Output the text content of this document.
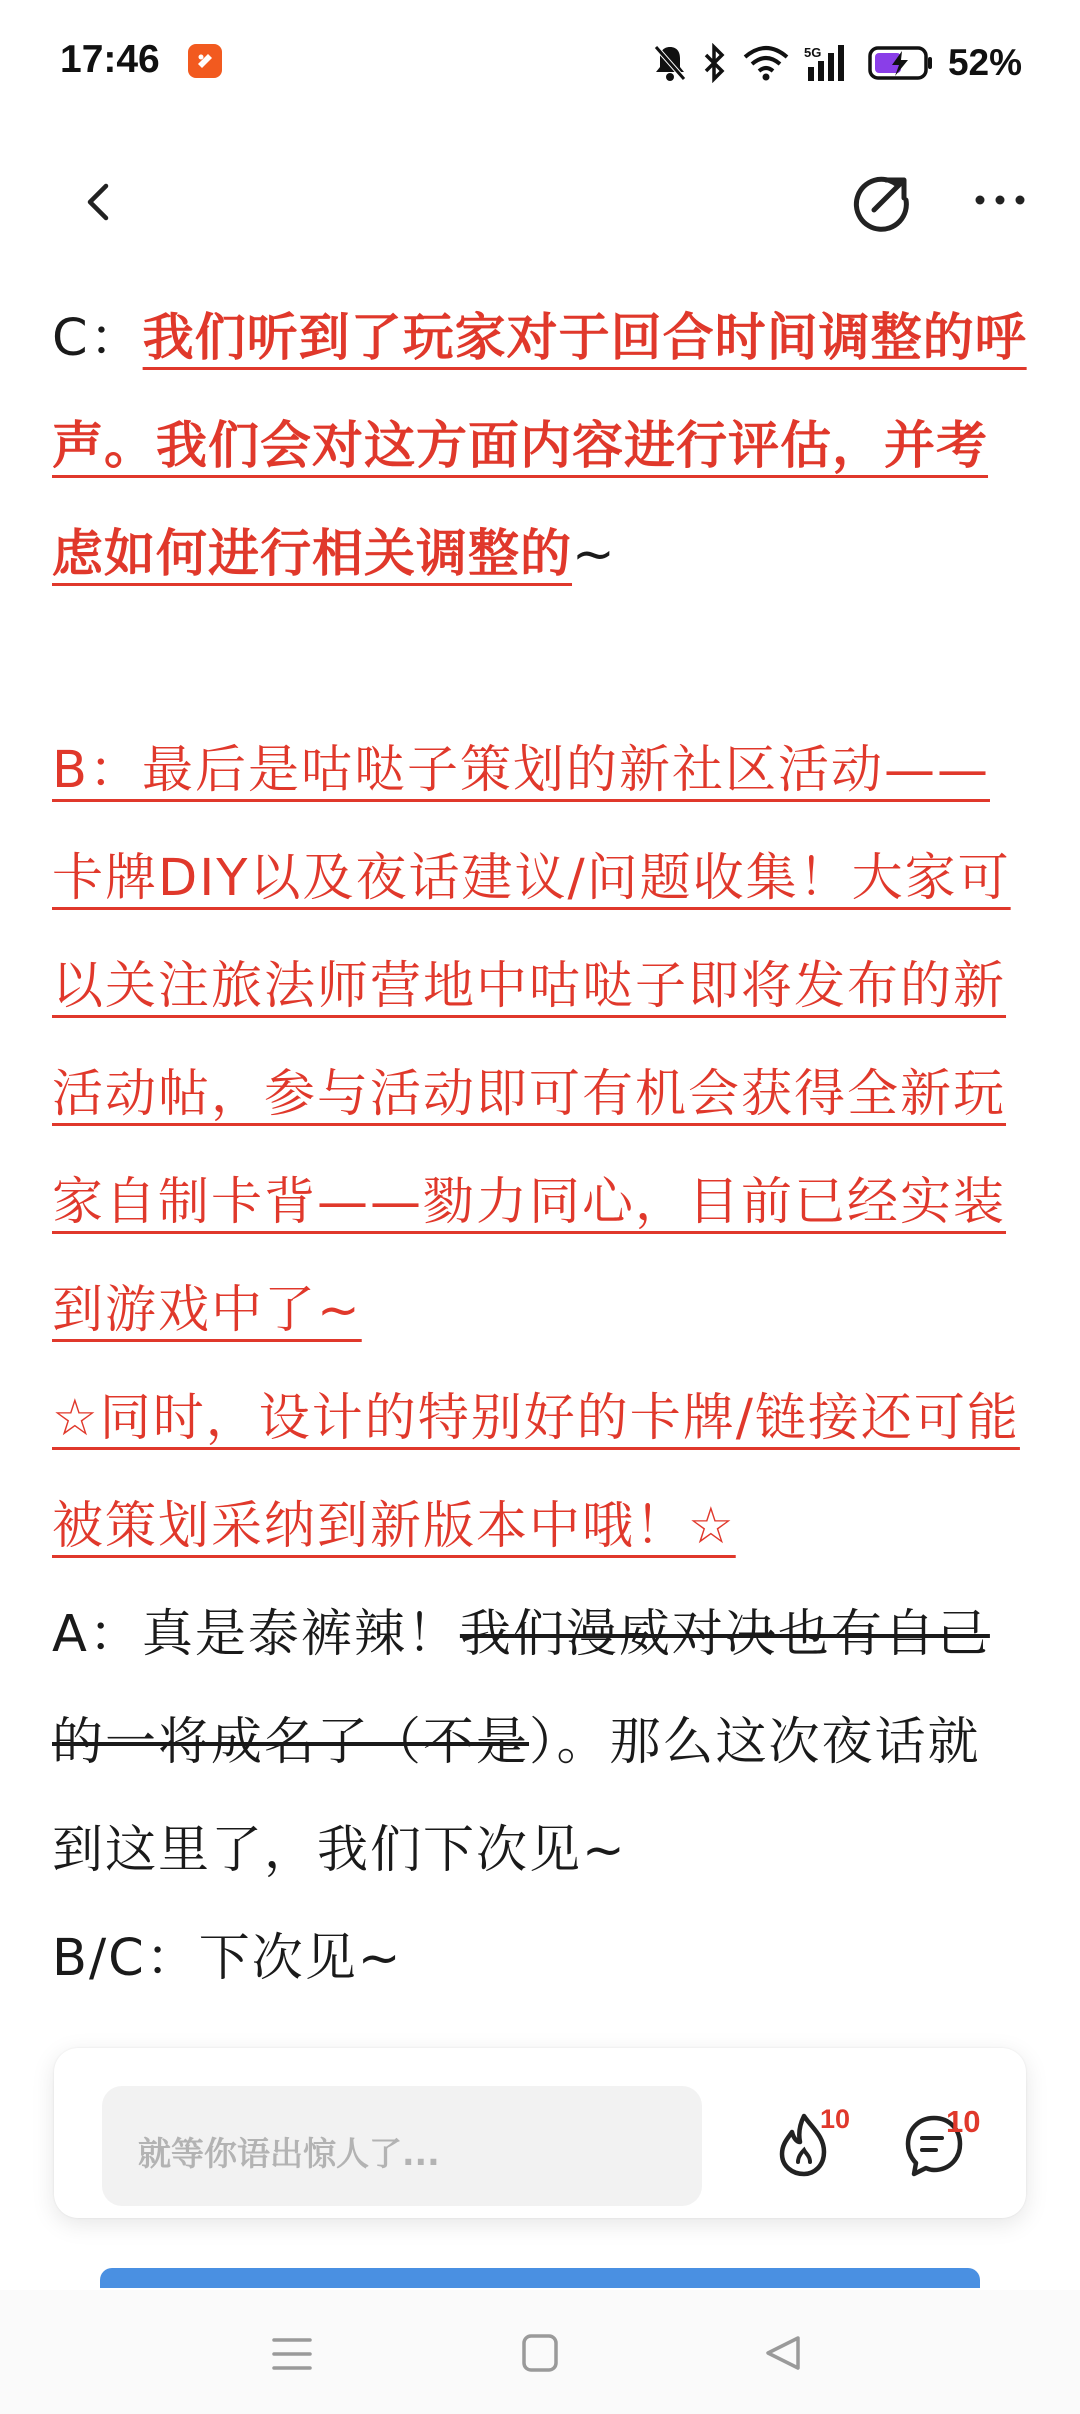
17:46	5G	52%

C：我们听到了玩家对于回合时间调整的呼声。我们会对这方面内容进行评估，并考虑如何进行相关调整的~

B：最后是咕哒子策划的新社区活动——卡牌DIY以及夜话建议/问题收集！大家可以关注旅法师营地中咕哒子即将发布的新活动帖，参与活动即可有机会获得全新玩家自制卡背——勠力同心，目前已经实装到游戏中了~

☆同时，设计的特别好的卡牌/链接还可能被策划采纳到新版本中哦！☆

A：真是泰裤辣！我们漫威对决也有自己的一将成名了（不是）。那么这次夜话就到这里了，我们下次见~

B/C：下次见~

就等你语出惊人了...
10	10
